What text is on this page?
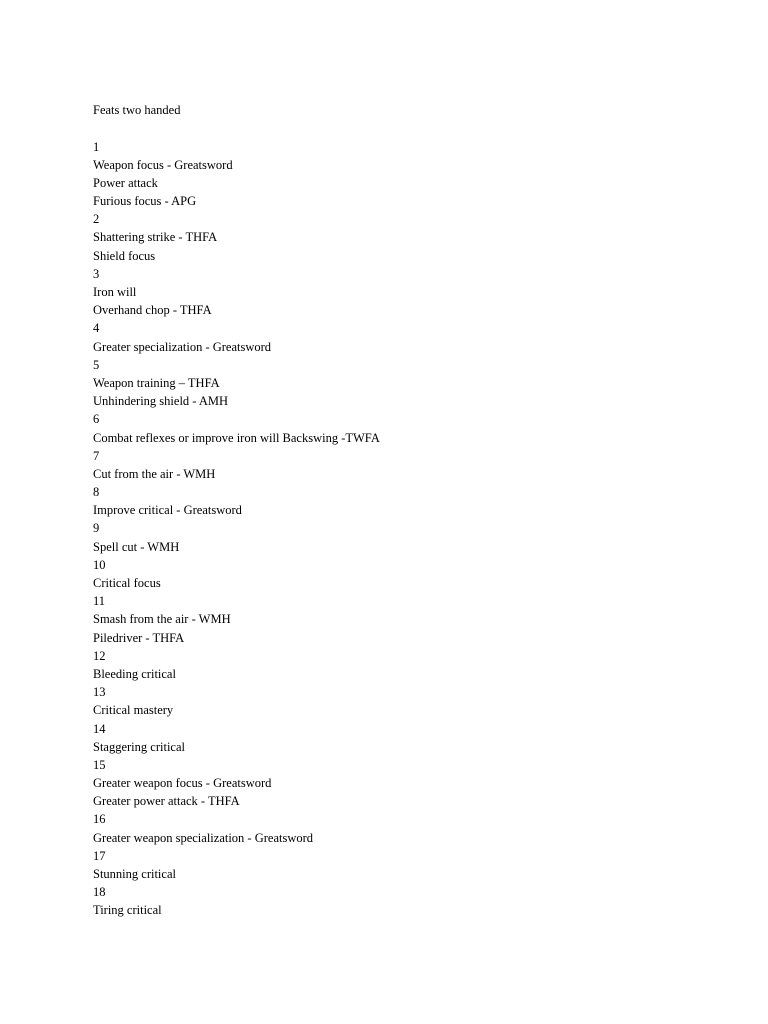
Feats two handed
1
Weapon focus - Greatsword
Power attack
Furious focus - APG
2
Shattering strike - THFA
Shield focus
3
Iron will
Overhand chop - THFA
4
Greater specialization - Greatsword
5
Weapon training – THFA
Unhindering shield - AMH
6
Combat reflexes or improve iron will Backswing -TWFA
7
Cut from the air - WMH
8
Improve critical - Greatsword
9
Spell cut - WMH
10
Critical focus
11
Smash from the air - WMH
Piledriver - THFA
12
Bleeding critical
13
Critical mastery
14
Staggering critical
15
Greater weapon focus - Greatsword
Greater power attack - THFA
16
Greater weapon specialization - Greatsword
17
Stunning critical
18
Tiring critical
